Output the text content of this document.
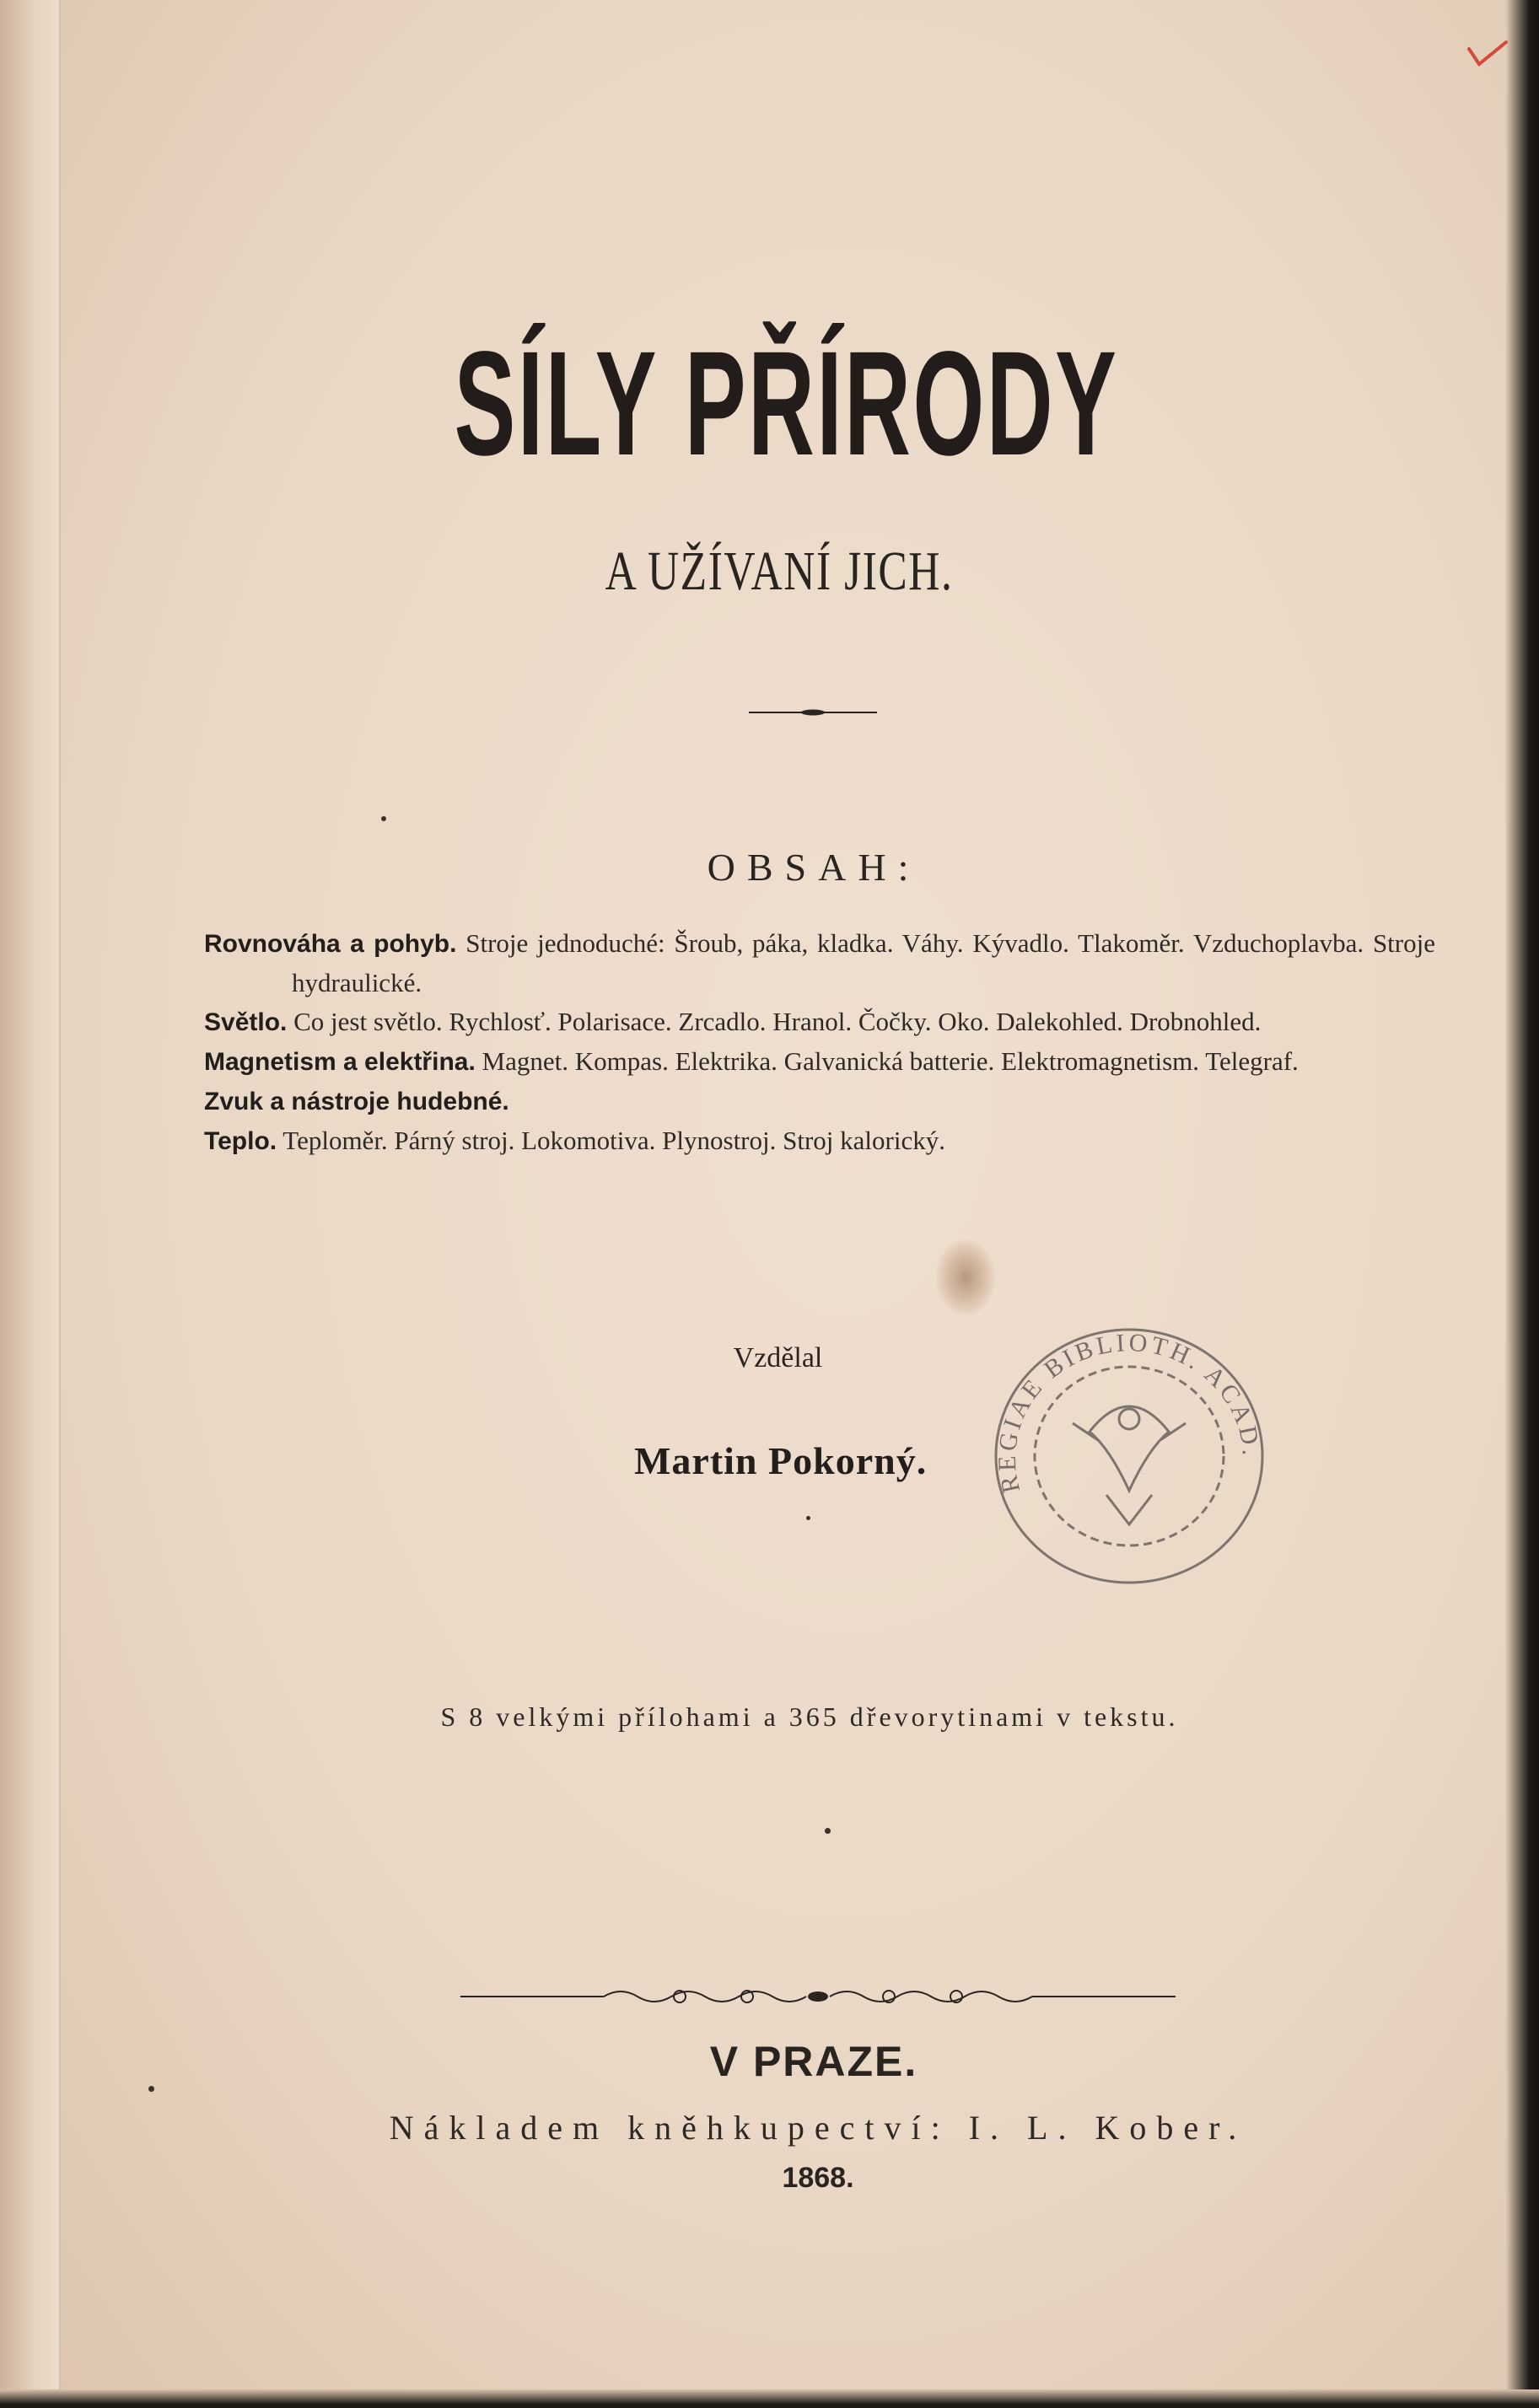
SÍLY PŘÍRODY
A UŽÍVANÍ JICH.
OBSAH:

Rovnováha a pohyb. Stroje jednoduché: Šroub, páka, kladka. Váhy. Kývadlo. Tlakoměr. Vzduchoplavba. Stroje hydraulické.

Světlo. Co jest světlo. Rychlosť. Polarisace. Zrcadlo. Hranol. Čočky. Oko. Dalekohled. Drobnohled.

Magnetism a elektřina. Magnet. Kompas. Elektrika. Galvanická batterie. Elektromagnetism. Telegraf.

Zvuk a nástroje hudebné.

Teplo. Teploměr. Párný stroj. Lokomotiva. Plynostroj. Stroj kalorický.

Vzdělal
Martin Pokorný.
REGIAE BIBLIOTH. ACAD.
S 8 velkými přílohami a 365 dřevorytinami v tekstu.
V PRAZE.
Nákladem kněhkupectví: I. L. Kober.
1868.
